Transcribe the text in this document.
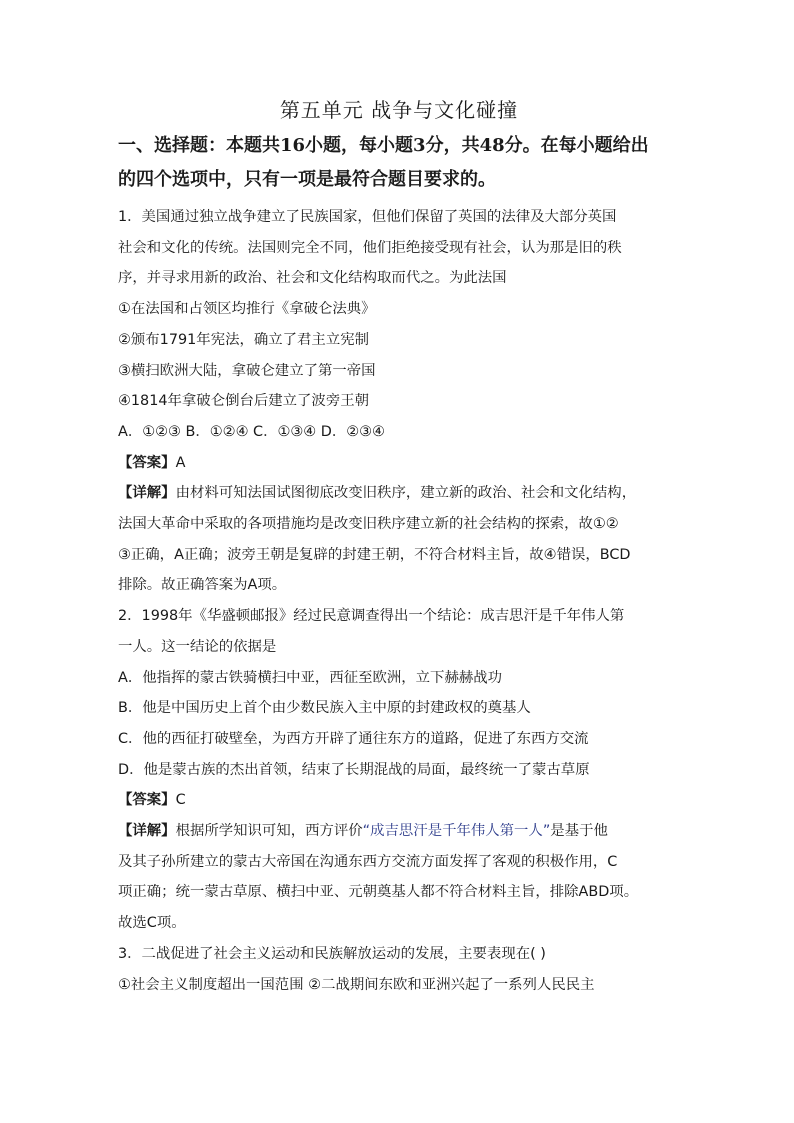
第五单元 战争与文化碰撞
一、选择题：本题共16小题，每小题3分，共48分。在每小题给出
的四个选项中，只有一项是最符合题目要求的。

1．美国通过独立战争建立了民族国家，但他们保留了英国的法律及大部分英国

社会和文化的传统。法国则完全不同，他们拒绝接受现有社会，认为那是旧的秩

序，并寻求用新的政治、社会和文化结构取而代之。为此法国

①在法国和占领区均推行《拿破仑法典》

②颁布1791年宪法，确立了君主立宪制

③横扫欧洲大陆，拿破仑建立了第一帝国

④1814年拿破仑倒台后建立了波旁王朝

A．①②③ B．①②④ C．①③④ D．②③④

【答案】A

【详解】由材料可知法国试图彻底改变旧秩序，建立新的政治、社会和文化结构，

法国大革命中采取的各项措施均是改变旧秩序建立新的社会结构的探索，故①②

③正确，A正确；波旁王朝是复辟的封建王朝，不符合材料主旨，故④错误，BCD

排除。故正确答案为A项。

2．1998年《华盛顿邮报》经过民意调查得出一个结论：成吉思汗是千年伟人第

一人。这一结论的依据是

A．他指挥的蒙古铁骑横扫中亚，西征至欧洲，立下赫赫战功

B．他是中国历史上首个由少数民族入主中原的封建政权的奠基人

C．他的西征打破壁垒，为西方开辟了通往东方的道路，促进了东西方交流

D．他是蒙古族的杰出首领，结束了长期混战的局面，最终统一了蒙古草原

【答案】C

【详解】根据所学知识可知，西方评价“成吉思汗是千年伟人第一人”是基于他

及其子孙所建立的蒙古大帝国在沟通东西方交流方面发挥了客观的积极作用，C

项正确；统一蒙古草原、横扫中亚、元朝奠基人都不符合材料主旨，排除ABD项。

故选C项。

3．二战促进了社会主义运动和民族解放运动的发展，主要表现在( )

①社会主义制度超出一国范围 ②二战期间东欧和亚洲兴起了一系列人民民主
